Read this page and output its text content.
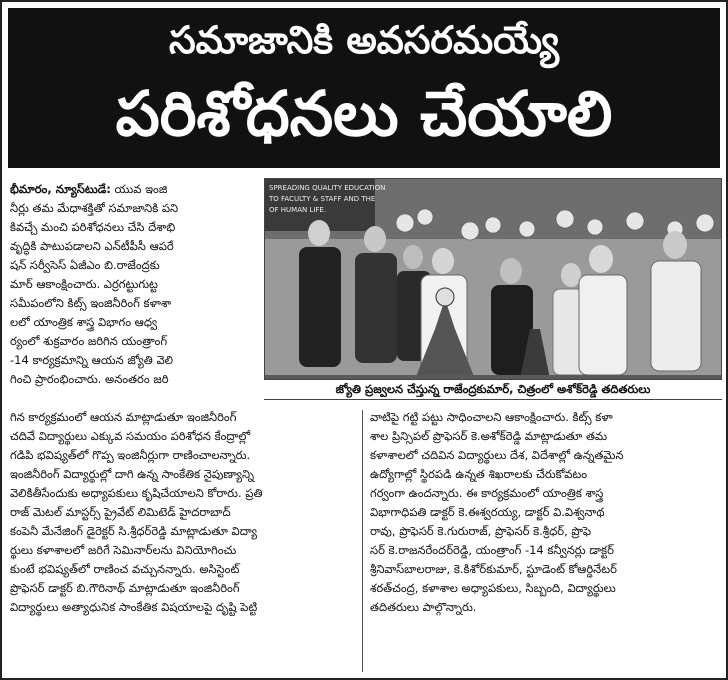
సమాజానికి అవసరమయ్యే
పరిశోధనలు చేయాలి
భీమారం, న్యూస్‌టుడే: యువ ఇంజి
నీర్లు తమ మేధాశక్తితో సమాజానికి పని
కివచ్చే మంచి పరిశోధనలు చేసి దేశాభి
వృద్ధికి పాటుపడాలని ఎన్‌టీపీసీ ఆపరే
షన్ సర్వీసెస్ ఏజీఎం బి.రాజేంద్రకు
మార్ ఆకాంక్షించారు. ఎర్రగట్టుగుట్ట
సమీపంలోని కిట్స్ ఇంజినీరింగ్ కళాశా
లలో యాంత్రిక శాస్త్ర విభాగం ఆధ్వ
ర్యంలో శుక్రవారం జరిగిన యంత్రాంగ్
-14 కార్యక్రమాన్ని ఆయన జ్యోతి వెలి
గించి ప్రారంభించారు. అనంతరం జరి
SPREADING QUALITY EDUCATION
TO FACULTY & STAFF AND THE
OF HUMAN LIFE.
జ్యోతి ప్రజ్వలన చేస్తున్న రాజేంద్రకుమార్, చిత్రంలో అశోక్‌రెడ్డి తదితరులు
గిన కార్యక్రమంలో ఆయన మాట్లాడుతూ ఇంజినీరింగ్
చదివే విద్యార్థులు ఎక్కువ సమయం పరిశోధన కేంద్రాల్లో
గడిపి భవిష్యత్‌లో గొప్ప ఇంజినీర్లుగా రాణించాలన్నారు.
ఇంజినీరింగ్ విద్యార్థుల్లో దాగి ఉన్న సాంకేతిక నైపుణ్యాన్ని
వెలికితీసేందుకు అధ్యాపకులు కృషిచేయాలని కోరారు. ప్రతి
రాజ్ మెటల్ మాస్టర్స్ ప్రైవేట్ లిమిటెడ్ హైదరాబాద్
కంపెనీ మేనేజింగ్ డైరెక్టర్ సి.శ్రీధర్‌రెడ్డి మాట్లాడుతూ విద్యా
ర్థులు కళాశాలలో జరిగే సెమినార్‌లను వినియోగించు
కుంటే భవిష్యత్‌లో రాణించ వచ్చునన్నారు. అసిస్టెంట్
ప్రొఫెసర్ డాక్టర్ బి.గౌరినాథ్ మాట్లాడుతూ ఇంజినీరింగ్
విద్యార్థులు అత్యాధునిక సాంకేతిక విషయాలపై దృష్టి పెట్టి
వాటిపై గట్టి పట్టు సాధించాలని ఆకాంక్షించారు. కిట్స్ కళా
శాల ప్రిన్సిపల్ ప్రొఫెసర్ కె.అశోక్‌రెడ్డి మాట్లాడుతూ తమ
కళాశాలలో చదివిన విద్యార్థులు దేశ, విదేశాల్లో ఉన్నతమైన
ఉద్యోగాల్లో స్థిరపడి ఉన్నత శిఖరాలకు చేరుకోవటం
గర్వంగా ఉందన్నారు. ఈ కార్యక్రమంలో యాంత్రిక శాస్త్ర
విభాగాధిపతి డాక్టర్ కె.ఈశ్వరయ్య, డాక్టర్ వి.విశ్వనాథ
రావు, ప్రొఫెసర్ కె.గురురాజ్, ప్రొఫెసర్ కె.శ్రీధర్, ప్రొఫె
సర్ కె.రాజనరేందర్‌రెడ్డి, యంత్రాంగ్ -14 కన్వీనర్లు డాక్టర్
శ్రీనివాస్‌బాలరాజు, కె.కిశోర్‌కుమార్, స్టూడెంట్ కోఆర్డినేటర్
శరత్‌చంద్ర, కళాశాల అధ్యాపకులు, సిబ్బంది, విద్యార్థులు
తదితరులు పాల్గొన్నారు.
